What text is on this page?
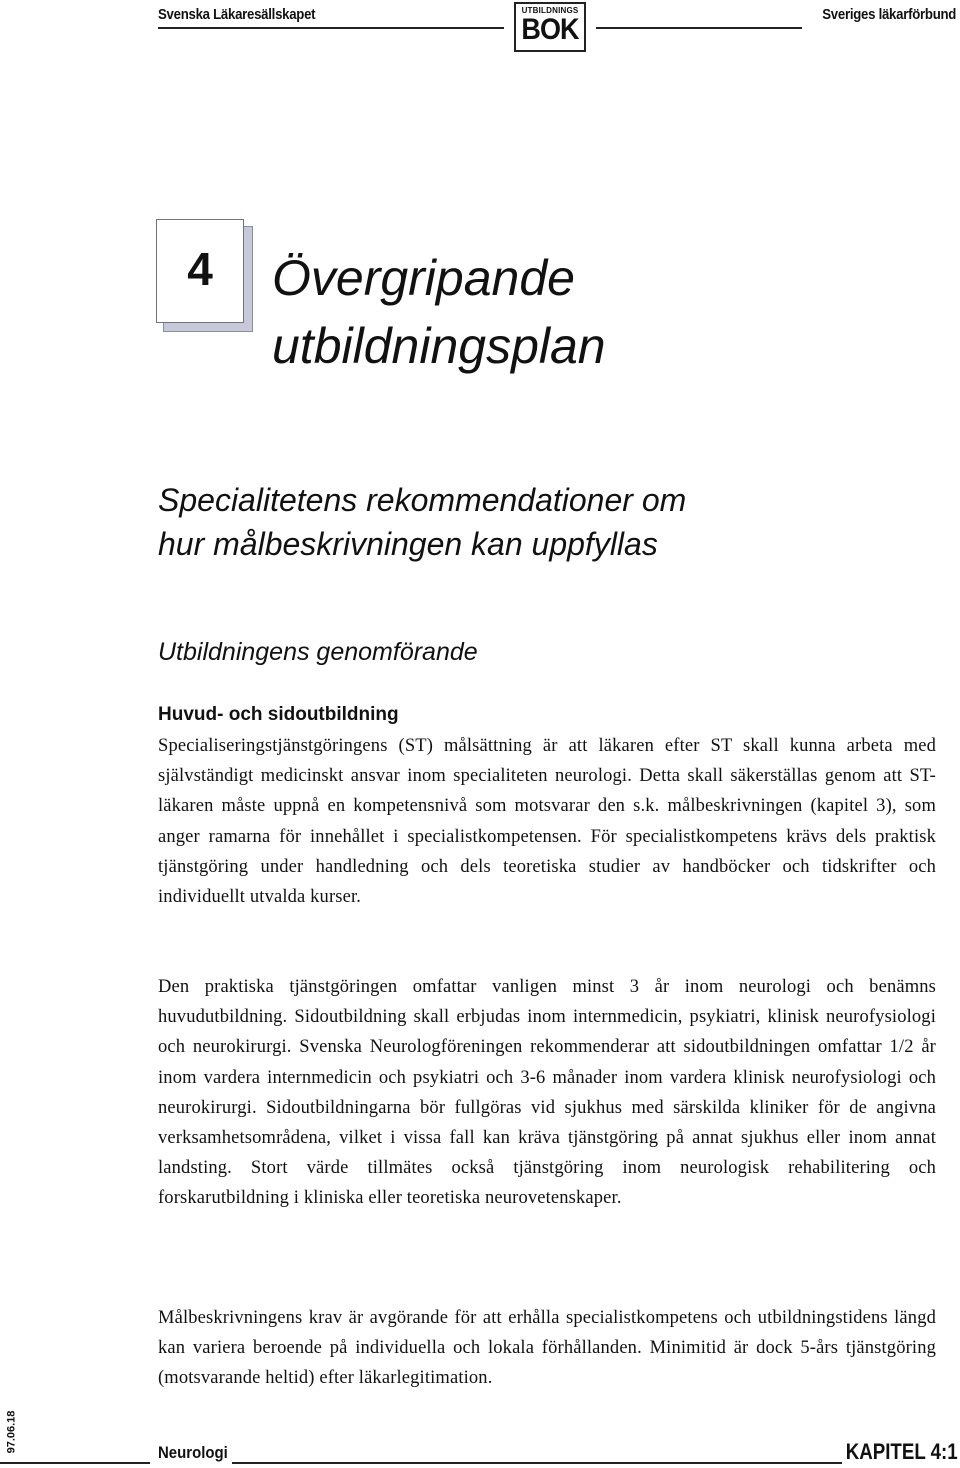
Svenska Läkaresällskapet	UTBILDNINGS
BOK	Sveriges läkarförbund
4	Övergripande
utbildningsplan
Specialitetens rekommendationer om
hur målbeskrivningen kan uppfyllas
Utbildningens genomförande
Huvud- och sidoutbildning

Specialiseringstjänstgöringens (ST) målsättning är att läkaren efter ST skall kunna arbeta med självständigt medicinskt ansvar inom specialiteten neurologi. Detta skall säkerställas genom att ST-läkaren måste uppnå en kompetensnivå som motsvarar den s.k. målbeskrivningen (kapitel 3), som anger ramarna för innehållet i specialistkompetensen. För specialistkompetens krävs dels praktisk tjänstgöring under handledning och dels teoretiska studier av handböcker och tidskrifter och individuellt utvalda kurser.

Den praktiska tjänstgöringen omfattar vanligen minst 3 år inom neurologi och benämns huvudutbildning. Sidoutbildning skall erbjudas inom internmedicin, psykiatri, klinisk neurofysiologi och neurokirurgi. Svenska Neurologföreningen rekommenderar att sidoutbildningen omfattar 1/2 år inom vardera internmedicin och psykiatri och 3-6 månader inom vardera klinisk neurofysiologi och neurokirurgi. Sidoutbildningarna bör fullgöras vid sjukhus med särskilda kliniker för de angivna verksamhetsområdena, vilket i vissa fall kan kräva tjänstgöring på annat sjukhus eller inom annat landsting. Stort värde tillmätes också tjänstgöring inom neurologisk rehabilitering och forskarutbildning i kliniska eller teoretiska neurovetenskaper.

Målbeskrivningens krav är avgörande för att erhålla specialistkompetens och utbildningstidens längd kan variera beroende på individuella och lokala förhållanden. Minimitid är dock 5-års tjänstgöring (motsvarande heltid) efter läkarlegitimation.

97.06.18	Neurologi	KAPITEL 4:1
